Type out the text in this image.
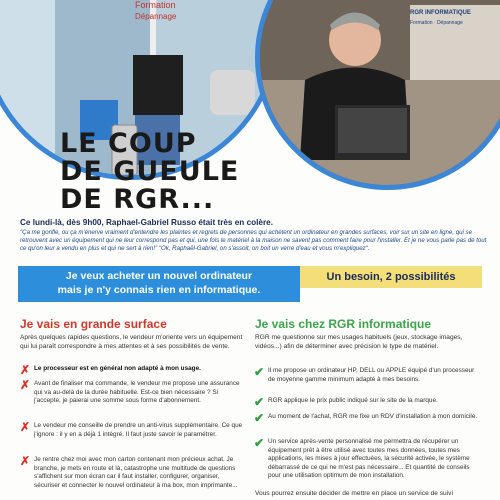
Formation
Dépannage	RGR INFORMATIQUE
Formation · Dépannage
LE COUP
DE GUEULE
DE RGR...
Ce lundi-là, dès 9h00, Raphael-Gabriel Russo était très en colère.
"Ça me gonfle, ou ça m'énerve vraiment d'entendre les plaintes et regrets de personnes qui achètent un ordinateur en grandes surfaces, voir sur un site en ligne, qui se retrouvent avec un équipement qui ne leur correspond pas et qui, une fois le matériel à la maison ne savent pas comment faire pour l'installer. Et je ne vous parle pas de tout ce qu'on leur a vendu en plus et qui ne sert à rien!" "Ok, Raphaël-Gabriel, on s'assoit, on boit un verre d'eau et vous m'expliquez".
Je veux acheter un nouvel ordinateur
mais je n'y connais rien en informatique.
Un besoin, 2 possibilités
Je vais en grande surface
Après quelques rapides questions, le vendeur m'oriente vers un équipement qui lui paraît correspondre à mes attentes et à ses possibilités de vente.
✗ Le processeur est en général non adapté à mon usage.
✗ Avant de finaliser ma commande, le vendeur me propose une assurance qui va au-delà de la durée habituelle. Est-ce bien nécessaire ? Si j'accepte, je paierai une somme sous forme d'abonnement.
✗ Le vendeur me conseille de prendre un anti-virus supplémentaire. Ce que j'ignore : il y en a déjà 1 intégré. Il faut juste savoir le paramétrer.
✗ Je rentre chez moi avec mon carton contenant mon précieux achat. Je branche, je mets en route et là, catastrophe une multitude de questions s'affichent sur mon écran car il faut installer, configurer, organiser, sécuriser et connecter le nouvel ordinateur à ma box, mon imprimante...
Je vais chez RGR informatique
RGR me questionne sur mes usages habituels (jeux, stockage images, vidéos...) afin de déterminer avec précision le type de matériel.
✔ Il me propose un ordinateur HP, DELL ou APPLE équipé d'un processeur de moyenne gamme minimum adapté à mes besoins.
✔ RGR applique le prix public indiqué sur le site de la marque.
✔ Au moment de l'achat, RGR me fixe un RDV d'installation à mon domicile.
✔ Un service après-vente personnalisé me permettra de récupérer un équipement prêt à être utilisé avec toutes mes données, toutes mes applications, les mises à jour effectuées, la sécurité activée, le système débarrassé de ce qui ne m'est pas nécessaire... Et quantité de conseils pour une utilisation optimum de mon installation.
Vous pourrez ensuite décider de mettre en place un service de suivi
